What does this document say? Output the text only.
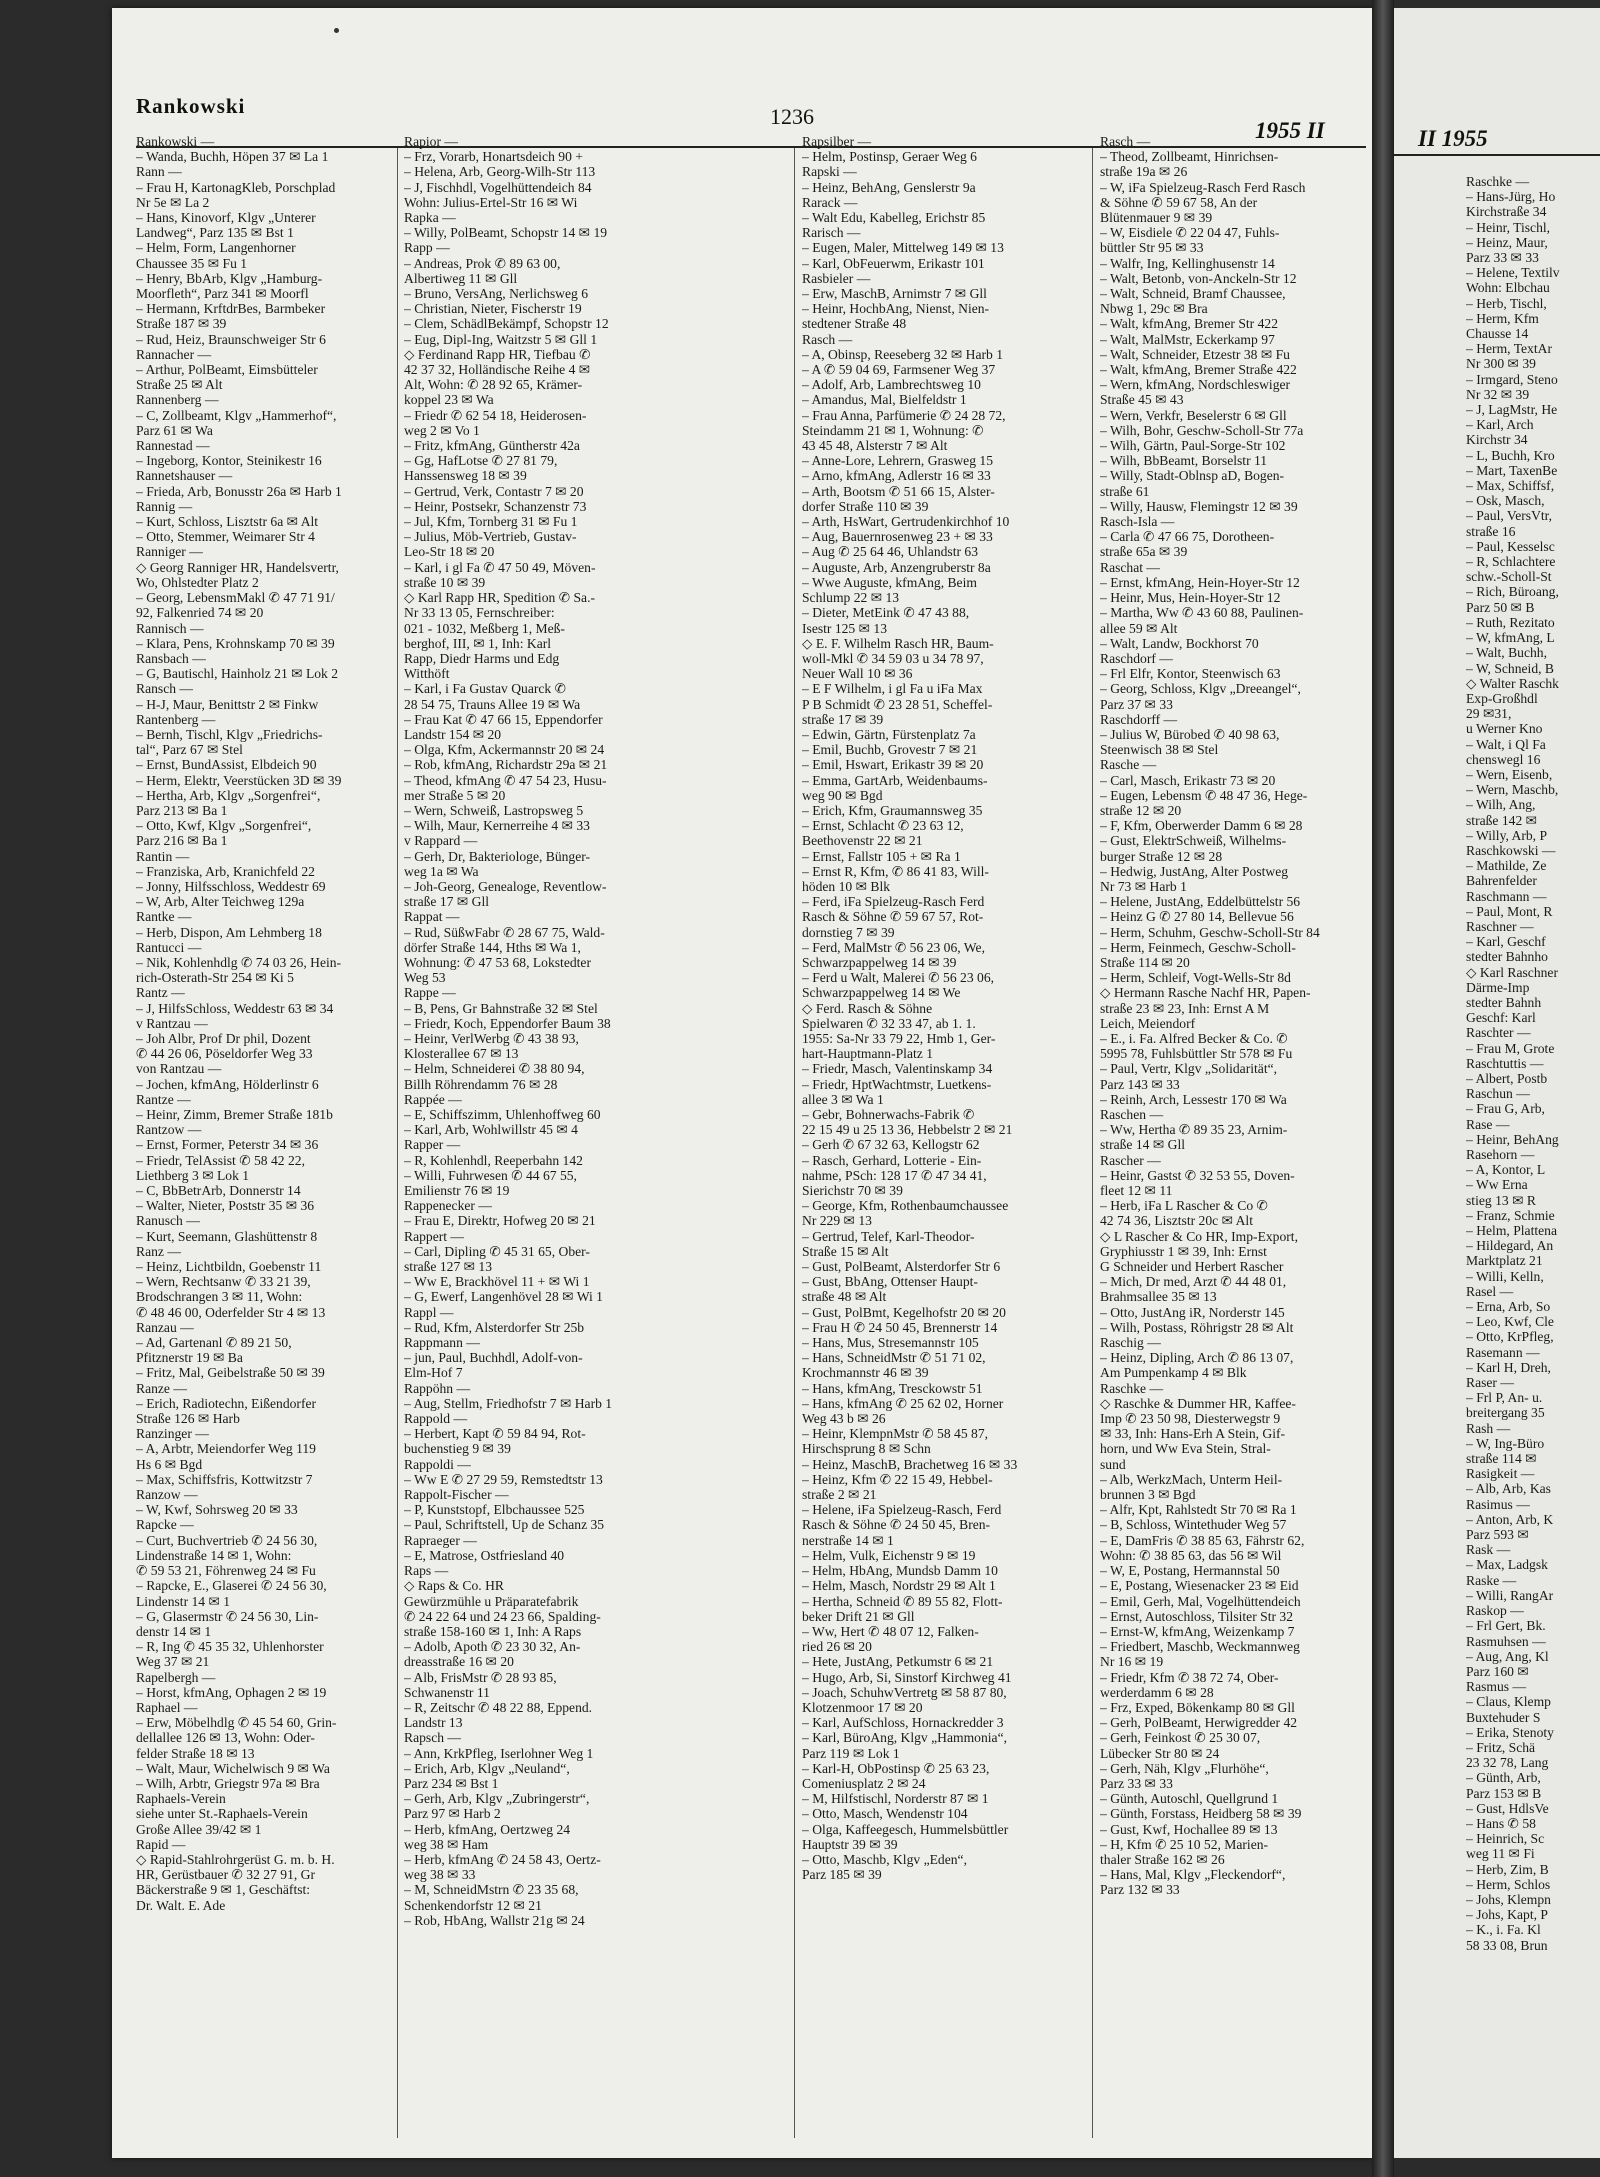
Rankowski	1236
1955 II
Rankowski —
– Wanda, Buchh, Höpen 37 ✉ La 1
Rann —
– Frau H, KartonagKleb, Porschplad
Nr 5e ✉ La 2
– Hans, Kinovorf, Klgv „Unterer
Landweg“, Parz 135 ✉ Bst 1
– Helm, Form, Langenhorner
Chaussee 35 ✉ Fu 1
– Henry, BbArb, Klgv „Hamburg-
Moorfleth“, Parz 341 ✉ Moorfl
– Hermann, KrftdrBes, Barmbeker
Straße 187 ✉ 39
– Rud, Heiz, Braunschweiger Str 6
Rannacher —
– Arthur, PolBeamt, Eimsbütteler
Straße 25 ✉ Alt
Rannenberg —
– C, Zollbeamt, Klgv „Hammerhof“,
Parz 61 ✉ Wa
Rannestad —
– Ingeborg, Kontor, Steinikestr 16
Rannetshauser —
– Frieda, Arb, Bonusstr 26a ✉ Harb 1
Rannig —
– Kurt, Schloss, Lisztstr 6a ✉ Alt
– Otto, Stemmer, Weimarer Str 4
Ranniger —
◇ Georg Ranniger HR, Handelsvertr,
Wo, Ohlstedter Platz 2
– Georg, LebensmMakl ✆ 47 71 91/
92, Falkenried 74 ✉ 20
Rannisch —
– Klara, Pens, Krohnskamp 70 ✉ 39
Ransbach —
– G, Bautischl, Hainholz 21 ✉ Lok 2
Ransch —
– H-J, Maur, Benittstr 2 ✉ Finkw
Rantenberg —
– Bernh, Tischl, Klgv „Friedrichs-
tal“, Parz 67 ✉ Stel
– Ernst, BundAssist, Elbdeich 90
– Herm, Elektr, Veerstücken 3D ✉ 39
– Hertha, Arb, Klgv „Sorgenfrei“,
Parz 213 ✉ Ba 1
– Otto, Kwf, Klgv „Sorgenfrei“,
Parz 216 ✉ Ba 1
Rantin —
– Franziska, Arb, Kranichfeld 22
– Jonny, Hilfsschloss, Weddestr 69
– W, Arb, Alter Teichweg 129a
Rantke —
– Herb, Dispon, Am Lehmberg 18
Rantucci —
– Nik, Kohlenhdlg ✆ 74 03 26, Hein-
rich-Osterath-Str 254 ✉ Ki 5
Rantz —
– J, HilfsSchloss, Weddestr 63 ✉ 34
v Rantzau —
– Joh Albr, Prof Dr phil, Dozent
✆ 44 26 06, Pöseldorfer Weg 33
von Rantzau —
– Jochen, kfmAng, Hölderlinstr 6
Rantze —
– Heinr, Zimm, Bremer Straße 181b
Rantzow —
– Ernst, Former, Peterstr 34 ✉ 36
– Friedr, TelAssist ✆ 58 42 22,
Liethberg 3 ✉ Lok 1
– C, BbBetrArb, Donnerstr 14
– Walter, Nieter, Poststr 35 ✉ 36
Ranusch —
– Kurt, Seemann, Glashüttenstr 8
Ranz —
– Heinz, Lichtbildn, Goebenstr 11
– Wern, Rechtsanw ✆ 33 21 39,
Brodschrangen 3 ✉ 11, Wohn:
✆ 48 46 00, Oderfelder Str 4 ✉ 13
Ranzau —
– Ad, Gartenanl ✆ 89 21 50,
Pfitznerstr 19 ✉ Ba
– Fritz, Mal, Geibelstraße 50 ✉ 39
Ranze —
– Erich, Radiotechn, Eißendorfer
Straße 126 ✉ Harb
Ranzinger —
– A, Arbtr, Meiendorfer Weg 119
Hs 6 ✉ Bgd
– Max, Schiffsfris, Kottwitzstr 7
Ranzow —
– W, Kwf, Sohrsweg 20 ✉ 33
Rapcke —
– Curt, Buchvertrieb ✆ 24 56 30,
Lindenstraße 14 ✉ 1, Wohn:
✆ 59 53 21, Föhrenweg 24 ✉ Fu
– Rapcke, E., Glaserei ✆ 24 56 30,
Lindenstr 14 ✉ 1
– G, Glasermstr ✆ 24 56 30, Lin-
denstr 14 ✉ 1
– R, Ing ✆ 45 35 32, Uhlenhorster
Weg 37 ✉ 21
Rapelbergh —
– Horst, kfmAng, Ophagen 2 ✉ 19
Raphael —
– Erw, Möbelhdlg ✆ 45 54 60, Grin-
dellallee 126 ✉ 13, Wohn: Oder-
felder Straße 18 ✉ 13
– Walt, Maur, Wichelwisch 9 ✉ Wa
– Wilh, Arbtr, Griegstr 97a ✉ Bra
Raphaels-Verein
siehe unter St.-Raphaels-Verein
Große Allee 39/42 ✉ 1
Rapid —
◇ Rapid-Stahlrohrgerüst G. m. b. H.
HR, Gerüstbauer ✆ 32 27 91, Gr
Bäckerstraße 9 ✉ 1, Geschäftst:
Dr. Walt. E. Ade
Rapior —
– Frz, Vorarb, Honartsdeich 90 +
– Helena, Arb, Georg-Wilh-Str 113
– J, Fischhdl, Vogelhüttendeich 84
Wohn: Julius-Ertel-Str 16 ✉ Wi
Rapka —
– Willy, PolBeamt, Schopstr 14 ✉ 19
Rapp —
– Andreas, Prok ✆ 89 63 00,
Albertiweg 11 ✉ Gll
– Bruno, VersAng, Nerlichsweg 6
– Christian, Nieter, Fischerstr 19
– Clem, SchädlBekämpf, Schopstr 12
– Eug, Dipl-Ing, Waitzstr 5 ✉ Gll 1
◇ Ferdinand Rapp HR, Tiefbau ✆
42 37 32, Holländische Reihe 4 ✉
Alt, Wohn: ✆ 28 92 65, Krämer-
koppel 23 ✉ Wa
– Friedr ✆ 62 54 18, Heiderosen-
weg 2 ✉ Vo 1
– Fritz, kfmAng, Güntherstr 42a
– Gg, HafLotse ✆ 27 81 79,
Hanssensweg 18 ✉ 39
– Gertrud, Verk, Contastr 7 ✉ 20
– Heinr, Postsekr, Schanzenstr 73
– Jul, Kfm, Tornberg 31 ✉ Fu 1
– Julius, Möb-Vertrieb, Gustav-
Leo-Str 18 ✉ 20
– Karl, i gl Fa ✆ 47 50 49, Möven-
straße 10 ✉ 39
◇ Karl Rapp HR, Spedition ✆ Sa.-
Nr 33 13 05, Fernschreiber:
021 - 1032, Meßberg 1, Meß-
berghof, III, ✉ 1, Inh: Karl
Rapp, Diedr Harms und Edg
Witthöft
– Karl, i Fa Gustav Quarck ✆
28 54 75, Trauns Allee 19 ✉ Wa
– Frau Kat ✆ 47 66 15, Eppendorfer
Landstr 154 ✉ 20
– Olga, Kfm, Ackermannstr 20 ✉ 24
– Rob, kfmAng, Richardstr 29a ✉ 21
– Theod, kfmAng ✆ 47 54 23, Husu-
mer Straße 5 ✉ 20
– Wern, Schweiß, Lastropsweg 5
– Wilh, Maur, Kernerreihe 4 ✉ 33
v Rappard —
– Gerh, Dr, Bakteriologe, Bünger-
weg 1a ✉ Wa
– Joh-Georg, Genealoge, Reventlow-
straße 17 ✉ Gll
Rappat —
– Rud, SüßwFabr ✆ 28 67 75, Wald-
dörfer Straße 144, Hths ✉ Wa 1,
Wohnung: ✆ 47 53 68, Lokstedter
Weg 53
Rappe —
– B, Pens, Gr Bahnstraße 32 ✉ Stel
– Friedr, Koch, Eppendorfer Baum 38
– Heinr, VerlWerbg ✆ 43 38 93,
Klosterallee 67 ✉ 13
– Helm, Schneiderei ✆ 38 80 94,
Billh Röhrendamm 76 ✉ 28
Rappée —
– E, Schiffszimm, Uhlenhoffweg 60
– Karl, Arb, Wohlwillstr 45 ✉ 4
Rapper —
– R, Kohlenhdl, Reeperbahn 142
– Willi, Fuhrwesen ✆ 44 67 55,
Emilienstr 76 ✉ 19
Rappenecker —
– Frau E, Direktr, Hofweg 20 ✉ 21
Rappert —
– Carl, Dipling ✆ 45 31 65, Ober-
straße 127 ✉ 13
– Ww E, Brackhövel 11 + ✉ Wi 1
– G, Ewerf, Langenhövel 28 ✉ Wi 1
Rappl —
– Rud, Kfm, Alsterdorfer Str 25b
Rappmann —
– jun, Paul, Buchhdl, Adolf-von-
Elm-Hof 7
Rappöhn —
– Aug, Stellm, Friedhofstr 7 ✉ Harb 1
Rappold —
– Herbert, Kapt ✆ 59 84 94, Rot-
buchenstieg 9 ✉ 39
Rappoldi —
– Ww E ✆ 27 29 59, Remstedtstr 13
Rappolt-Fischer —
– P, Kunststopf, Elbchaussee 525
– Paul, Schriftstell, Up de Schanz 35
Rapraeger —
– E, Matrose, Ostfriesland 40
Raps —
◇ Raps & Co. HR
Gewürzmühle u Präparatefabrik
✆ 24 22 64 und 24 23 66, Spalding-
straße 158-160 ✉ 1, Inh: A Raps
– Adolb, Apoth ✆ 23 30 32, An-
dreasstraße 16 ✉ 20
– Alb, FrisMstr ✆ 28 93 85,
Schwanenstr 11
– R, Zeitschr ✆ 48 22 88, Eppend.
Landstr 13
Rapsch —
– Ann, KrkPfleg, Iserlohner Weg 1
– Erich, Arb, Klgv „Neuland“,
Parz 234 ✉ Bst 1
– Gerh, Arb, Klgv „Zubringerstr“,
Parz 97 ✉ Harb 2
– Herb, kfmAng, Oertzweg 24
weg 38 ✉ Ham
– Herb, kfmAng ✆ 24 58 43, Oertz-
weg 38 ✉ 33
– M, SchneidMstrn ✆ 23 35 68,
Schenkendorfstr 12 ✉ 21
– Rob, HbAng, Wallstr 21g ✉ 24
Rapsilber —
– Helm, Postinsp, Geraer Weg 6
Rapski —
– Heinz, BehAng, Genslerstr 9a
Rarack —
– Walt Edu, Kabelleg, Erichstr 85
Rarisch —
– Eugen, Maler, Mittelweg 149 ✉ 13
– Karl, ObFeuerwm, Erikastr 101
Rasbieler —
– Erw, MaschB, Arnimstr 7 ✉ Gll
– Heinr, HochbAng, Nienst, Nien-
stedtener Straße 48
Rasch —
– A, Obinsp, Reeseberg 32 ✉ Harb 1
– A ✆ 59 04 69, Farmsener Weg 37
– Adolf, Arb, Lambrechtsweg 10
– Amandus, Mal, Bielfeldstr 1
– Frau Anna, Parfümerie ✆ 24 28 72,
Steindamm 21 ✉ 1, Wohnung: ✆
43 45 48, Alsterstr 7 ✉ Alt
– Anne-Lore, Lehrern, Grasweg 15
– Arno, kfmAng, Adlerstr 16 ✉ 33
– Arth, Bootsm ✆ 51 66 15, Alster-
dorfer Straße 110 ✉ 39
– Arth, HsWart, Gertrudenkirchhof 10
– Aug, Bauernrosenweg 23 + ✉ 33
– Aug ✆ 25 64 46, Uhlandstr 63
– Auguste, Arb, Anzengruberstr 8a
– Wwe Auguste, kfmAng, Beim
Schlump 22 ✉ 13
– Dieter, MetEink ✆ 47 43 88,
Isestr 125 ✉ 13
◇ E. F. Wilhelm Rasch HR, Baum-
woll-Mkl ✆ 34 59 03 u 34 78 97,
Neuer Wall 10 ✉ 36
– E F Wilhelm, i gl Fa u iFa Max
P B Schmidt ✆ 23 28 51, Scheffel-
straße 17 ✉ 39
– Edwin, Gärtn, Fürstenplatz 7a
– Emil, Buchb, Grovestr 7 ✉ 21
– Emil, Hswart, Erikastr 39 ✉ 20
– Emma, GartArb, Weidenbaums-
weg 90 ✉ Bgd
– Erich, Kfm, Graumannsweg 35
– Ernst, Schlacht ✆ 23 63 12,
Beethovenstr 22 ✉ 21
– Ernst, Fallstr 105 + ✉ Ra 1
– Ernst R, Kfm, ✆ 86 41 83, Will-
höden 10 ✉ Blk
– Ferd, iFa Spielzeug-Rasch Ferd
Rasch & Söhne ✆ 59 67 57, Rot-
dornstieg 7 ✉ 39
– Ferd, MalMstr ✆ 56 23 06, We,
Schwarzpappelweg 14 ✉ 39
– Ferd u Walt, Malerei ✆ 56 23 06,
Schwarzpappelweg 14 ✉ We
◇ Ferd. Rasch & Söhne
Spielwaren ✆ 32 33 47, ab 1. 1.
1955: Sa-Nr 33 79 22, Hmb 1, Ger-
hart-Hauptmann-Platz 1
– Friedr, Masch, Valentinskamp 34
– Friedr, HptWachtmstr, Luetkens-
allee 3 ✉ Wa 1
– Gebr, Bohnerwachs-Fabrik ✆
22 15 49 u 25 13 36, Hebbelstr 2 ✉ 21
– Gerh ✆ 67 32 63, Kellogstr 62
– Rasch, Gerhard, Lotterie - Ein-
nahme, PSch: 128 17 ✆ 47 34 41,
Sierichstr 70 ✉ 39
– George, Kfm, Rothenbaumchaussee
Nr 229 ✉ 13
– Gertrud, Telef, Karl-Theodor-
Straße 15 ✉ Alt
– Gust, PolBeamt, Alsterdorfer Str 6
– Gust, BbAng, Ottenser Haupt-
straße 48 ✉ Alt
– Gust, PolBmt, Kegelhofstr 20 ✉ 20
– Frau H ✆ 24 50 45, Brennerstr 14
– Hans, Mus, Stresemannstr 105
– Hans, SchneidMstr ✆ 51 71 02,
Krochmannstr 46 ✉ 39
– Hans, kfmAng, Tresckowstr 51
– Hans, kfmAng ✆ 25 62 02, Horner
Weg 43 b ✉ 26
– Heinr, KlempnMstr ✆ 58 45 87,
Hirschsprung 8 ✉ Schn
– Heinz, MaschB, Brachetweg 16 ✉ 33
– Heinz, Kfm ✆ 22 15 49, Hebbel-
straße 2 ✉ 21
– Helene, iFa Spielzeug-Rasch, Ferd
Rasch & Söhne ✆ 24 50 45, Bren-
nerstraße 14 ✉ 1
– Helm, Vulk, Eichenstr 9 ✉ 19
– Helm, HbAng, Mundsb Damm 10
– Helm, Masch, Nordstr 29 ✉ Alt 1
– Hertha, Schneid ✆ 89 55 82, Flott-
beker Drift 21 ✉ Gll
– Ww, Hert ✆ 48 07 12, Falken-
ried 26 ✉ 20
– Hete, JustAng, Petkumstr 6 ✉ 21
– Hugo, Arb, Si, Sinstorf Kirchweg 41
– Joach, SchuhwVertretg ✉ 58 87 80,
Klotzenmoor 17 ✉ 20
– Karl, AufSchloss, Hornackredder 3
– Karl, BüroAng, Klgv „Hammonia“,
Parz 119 ✉ Lok 1
– Karl-H, ObPostinsp ✆ 25 63 23,
Comeniusplatz 2 ✉ 24
– M, Hilfstischl, Norderstr 87 ✉ 1
– Otto, Masch, Wendenstr 104
– Olga, Kaffeegesch, Hummelsbüttler
Hauptstr 39 ✉ 39
– Otto, Maschb, Klgv „Eden“,
Parz 185 ✉ 39
Rasch —
– Theod, Zollbeamt, Hinrichsen-
straße 19a ✉ 26
– W, iFa Spielzeug-Rasch Ferd Rasch
& Söhne ✆ 59 67 58, An der
Blütenmauer 9 ✉ 39
– W, Eisdiele ✆ 22 04 47, Fuhls-
büttler Str 95 ✉ 33
– Walfr, Ing, Kellinghusenstr 14
– Walt, Betonb, von-Anckeln-Str 12
– Walt, Schneid, Bramf Chaussee,
Nbwg 1, 29c ✉ Bra
– Walt, kfmAng, Bremer Str 422
– Walt, MalMstr, Eckerkamp 97
– Walt, Schneider, Etzestr 38 ✉ Fu
– Walt, kfmAng, Bremer Straße 422
– Wern, kfmAng, Nordschleswiger
Straße 45 ✉ 43
– Wern, Verkfr, Beselerstr 6 ✉ Gll
– Wilh, Bohr, Geschw-Scholl-Str 77a
– Wilh, Gärtn, Paul-Sorge-Str 102
– Wilh, BbBeamt, Borselstr 11
– Willy, Stadt-Oblnsp aD, Bogen-
straße 61
– Willy, Hausw, Flemingstr 12 ✉ 39
Rasch-Isla —
– Carla ✆ 47 66 75, Dorotheen-
straße 65a ✉ 39
Raschat —
– Ernst, kfmAng, Hein-Hoyer-Str 12
– Heinr, Mus, Hein-Hoyer-Str 12
– Martha, Ww ✆ 43 60 88, Paulinen-
allee 59 ✉ Alt
– Walt, Landw, Bockhorst 70
Raschdorf —
– Frl Elfr, Kontor, Steenwisch 63
– Georg, Schloss, Klgv „Dreeangel“,
Parz 37 ✉ 33
Raschdorff —
– Julius W, Bürobed ✆ 40 98 63,
Steenwisch 38 ✉ Stel
Rasche —
– Carl, Masch, Erikastr 73 ✉ 20
– Eugen, Lebensm ✆ 48 47 36, Hege-
straße 12 ✉ 20
– F, Kfm, Oberwerder Damm 6 ✉ 28
– Gust, ElektrSchweiß, Wilhelms-
burger Straße 12 ✉ 28
– Hedwig, JustAng, Alter Postweg
Nr 73 ✉ Harb 1
– Helene, JustAng, Eddelbüttelstr 56
– Heinz G ✆ 27 80 14, Bellevue 56
– Herm, Schuhm, Geschw-Scholl-Str 84
– Herm, Feinmech, Geschw-Scholl-
Straße 114 ✉ 20
– Herm, Schleif, Vogt-Wells-Str 8d
◇ Hermann Rasche Nachf HR, Papen-
straße 23 ✉ 23, Inh: Ernst A M
Leich, Meiendorf
– E., i. Fa. Alfred Becker & Co. ✆
5995 78, Fuhlsbüttler Str 578 ✉ Fu
– Paul, Vertr, Klgv „Solidarität“,
Parz 143 ✉ 33
– Reinh, Arch, Lessestr 170 ✉ Wa
Raschen —
– Ww, Hertha ✆ 89 35 23, Arnim-
straße 14 ✉ Gll
Rascher —
– Heinr, Gastst ✆ 32 53 55, Doven-
fleet 12 ✉ 11
– Herb, iFa L Rascher & Co ✆
42 74 36, Lisztstr 20c ✉ Alt
◇ L Rascher & Co HR, Imp-Export,
Gryphiusstr 1 ✉ 39, Inh: Ernst
G Schneider und Herbert Rascher
– Mich, Dr med, Arzt ✆ 44 48 01,
Brahmsallee 35 ✉ 13
– Otto, JustAng iR, Norderstr 145
– Wilh, Postass, Röhrigstr 28 ✉ Alt
Raschig —
– Heinz, Dipling, Arch ✆ 86 13 07,
Am Pumpenkamp 4 ✉ Blk
Raschke —
◇ Raschke & Dummer HR, Kaffee-
Imp ✆ 23 50 98, Diesterwegstr 9
✉ 33, Inh: Hans-Erh A Stein, Gif-
horn, und Ww Eva Stein, Stral-
sund
– Alb, WerkzMach, Unterm Heil-
brunnen 3 ✉ Bgd
– Alfr, Kpt, Rahlstedt Str 70 ✉ Ra 1
– B, Schloss, Wintethuder Weg 57
– E, DamFris ✆ 38 85 63, Fährstr 62,
Wohn: ✆ 38 85 63, das 56 ✉ Wil
– W, E, Postang, Hermannstal 50
– E, Postang, Wiesenacker 23 ✉ Eid
– Emil, Gerh, Mal, Vogelhüttendeich
– Ernst, Autoschloss, Tilsiter Str 32
– Ernst-W, kfmAng, Weizenkamp 7
– Friedbert, Maschb, Weckmannweg
Nr 16 ✉ 19
– Friedr, Kfm ✆ 38 72 74, Ober-
werderdamm 6 ✉ 28
– Frz, Exped, Bökenkamp 80 ✉ Gll
– Gerh, PolBeamt, Herwigredder 42
– Gerh, Feinkost ✆ 25 30 07,
Lübecker Str 80 ✉ 24
– Gerh, Näh, Klgv „Flurhöhe“,
Parz 33 ✉ 33
– Günth, Autoschl, Quellgrund 1
– Günth, Forstass, Heidberg 58 ✉ 39
– Gust, Kwf, Hochallee 89 ✉ 13
– H, Kfm ✆ 25 10 52, Marien-
thaler Straße 162 ✉ 26
– Hans, Mal, Klgv „Fleckendorf“,
Parz 132 ✉ 33
II 1955
Raschke —
– Hans-Jürg, Ho
Kirchstraße 34
– Heinr, Tischl,
– Heinz, Maur,
Parz 33 ✉ 33
– Helene, Textilv
Wohn: Elbchau
– Herb, Tischl,
– Herm, Kfm
Chausse 14
– Herm, TextAr
Nr 300 ✉ 39
– Irmgard, Steno
Nr 32 ✉ 39
– J, LagMstr, He
– Karl, Arch
Kirchstr 34
– L, Buchh, Kro
– Mart, TaxenBe
– Max, Schiffsf,
– Osk, Masch,
– Paul, VersVtr,
straße 16
– Paul, Kesselsc
– R, Schlachtere
schw.-Scholl-St
– Rich, Büroang,
Parz 50 ✉ B
– Ruth, Rezitato
– W, kfmAng, L
– Walt, Buchh,
– W, Schneid, B
◇ Walter Raschk
Exp-Großhdl
29 ✉31,
u Werner Kno
– Walt, i Ql Fa
chenswegl 16
– Wern, Eisenb,
– Wern, Maschb,
– Wilh, Ang,
straße 142 ✉
– Willy, Arb, P
Raschkowski —
– Mathilde, Ze
Bahrenfelder
Raschmann —
– Paul, Mont, R
Raschner —
– Karl, Geschf
stedter Bahnho
◇ Karl Raschner
Därme-Imp
stedter Bahnh
Geschf: Karl
Raschter —
– Frau M, Grote
Raschtuttis —
– Albert, Postb
Raschun —
– Frau G, Arb,
Rase —
– Heinr, BehAng
Rasehorn —
– A, Kontor, L
– Ww Erna
stieg 13 ✉ R
– Franz, Schmie
– Helm, Plattena
– Hildegard, An
Marktplatz 21
– Willi, Kelln,
Rasel —
– Erna, Arb, So
– Leo, Kwf, Cle
– Otto, KrPfleg,
Rasemann —
– Karl H, Dreh,
Raser —
– Frl P, An- u.
breitergang 35
Rash —
– W, Ing-Büro
straße 114 ✉
Rasigkeit —
– Alb, Arb, Kas
Rasimus —
– Anton, Arb, K
Parz 593 ✉
Rask —
– Max, Ladgsk
Raske —
– Willi, RangAr
Raskop —
– Frl Gert, Bk.
Rasmuhsen —
– Aug, Ang, Kl
Parz 160 ✉
Rasmus —
– Claus, Klemp
Buxtehuder S
– Erika, Stenoty
– Fritz, Schä
23 32 78, Lang
– Günth, Arb,
Parz 153 ✉ B
– Gust, HdlsVe
– Hans ✆ 58
– Heinrich, Sc
weg 11 ✉ Fi
– Herb, Zim, B
– Herm, Schlos
– Johs, Klempn
– Johs, Kapt, P
– K., i. Fa. Kl
58 33 08, Brun
